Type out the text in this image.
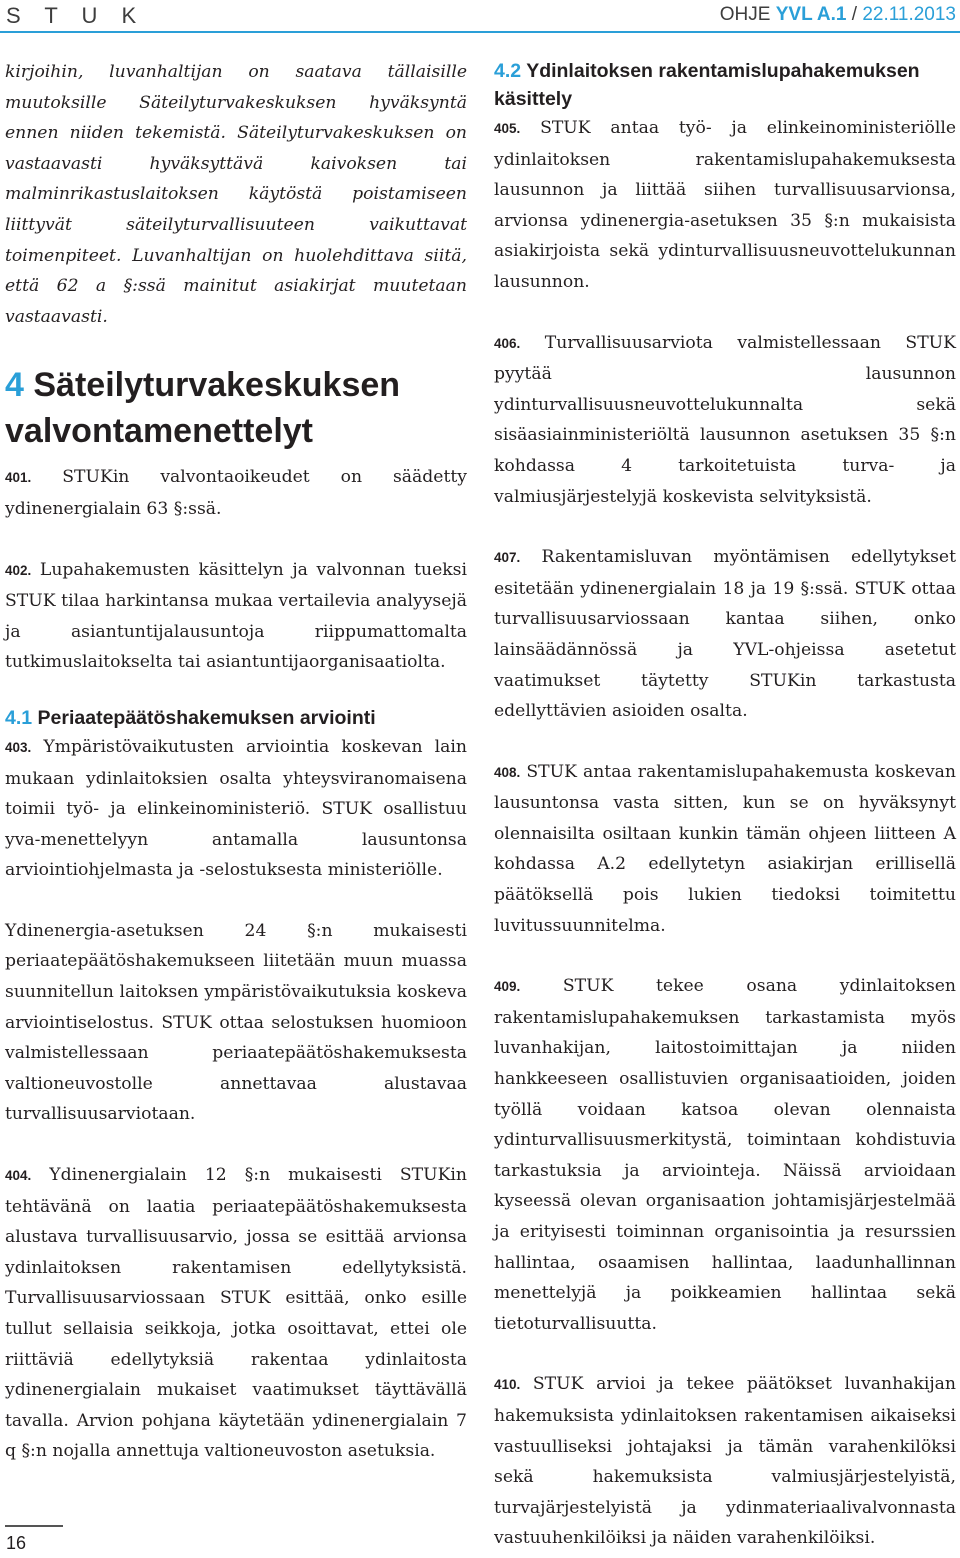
S T U K	OHJE YVL A.1 / 22.11.2013

kirjoihin, luvanhaltijan on saatava tällaisille muutoksille Säteilyturvakeskuksen hyväksyntä ennen niiden tekemistä. Säteilyturvakeskuksen on vastaavasti hyväksyttävä kaivoksen tai malminrikastuslaitoksen käytöstä poistamiseen liittyvät säteilyturvallisuuteen vaikuttavat toimenpiteet. Luvanhaltijan on huolehdittava siitä, että 62 a §:ssä mainitut asiakirjat muutetaan vastaavasti.

4 Säteilyturvakeskuksen valvontamenettelyt

401. STUKin valvontaoikeudet on säädetty ydinenergialain 63 §:ssä.

402. Lupahakemusten käsittelyn ja valvonnan tueksi STUK tilaa harkintansa mukaa vertailevia analyysejä ja asiantuntijalausuntoja riippumattomalta tutkimuslaitokselta tai asiantuntijaorganisaatiolta.

4.1 Periaatepäätöshakemuksen arviointi

403. Ympäristövaikutusten arviointia koskevan lain mukaan ydinlaitoksien osalta yhteysviranomaisena toimii työ- ja elinkeinoministeriö. STUK osallistuu yva-menettelyyn antamalla lausuntonsa arviointiohjelmasta ja -selostuksesta ministeriölle.

Ydinenergia-asetuksen 24 §:n mukaisesti periaatepäätöshakemukseen liitetään muun muassa suunnitellun laitoksen ympäristövaikutuksia koskeva arviointiselostus. STUK ottaa selostuksen huomioon valmistellessaan periaatepäätöshakemuksesta valtioneuvostolle annettavaa alustavaa turvallisuusarviotaan.

404. Ydinenergialain 12 §:n mukaisesti STUKin tehtävänä on laatia periaatepäätöshakemuksesta alustava turvallisuusarvio, jossa se esittää arvionsa ydinlaitoksen rakentamisen edellytyksistä. Turvallisuusarviossaan STUK esittää, onko esille tullut sellaisia seikkoja, jotka osoittavat, ettei ole riittäviä edellytyksiä rakentaa ydinlaitosta ydinenergialain mukaiset vaatimukset täyttävällä tavalla. Arvion pohjana käytetään ydinenergialain 7 q §:n nojalla annettuja valtioneuvoston asetuksia.

4.2 Ydinlaitoksen rakentamislupahakemuksen käsittely

405. STUK antaa työ- ja elinkeinoministeriölle ydinlaitoksen rakentamislupahakemuksesta lausunnon ja liittää siihen turvallisuusarvionsa, arvionsa ydinenergia-asetuksen 35 §:n mukaisista asiakirjoista sekä ydinturvallisuusneuvottelukunnan lausunnon.

406. Turvallisuusarviota valmistellessaan STUK pyytää lausunnon ydinturvallisuusneuvottelukunnalta sekä sisäasiainministeriöltä lausunnon asetuksen 35 §:n kohdassa 4 tarkoitetuista turva- ja valmiusjärjestelyjä koskevista selvityksistä.

407. Rakentamisluvan myöntämisen edellytykset esitetään ydinenergialain 18 ja 19 §:ssä. STUK ottaa turvallisuusarviossaan kantaa siihen, onko lainsäädännössä ja YVL-ohjeissa asetetut vaatimukset täytetty STUKin tarkastusta edellyttävien asioiden osalta.

408. STUK antaa rakentamislupahakemusta koskevan lausuntonsa vasta sitten, kun se on hyväksynyt olennaisilta osiltaan kunkin tämän ohjeen liitteen A kohdassa A.2 edellytetyn asiakirjan erillisellä päätöksellä pois lukien tiedoksi toimitettu luvitussuunnitelma.

409. STUK tekee osana ydinlaitoksen rakentamislupahakemuksen tarkastamista myös luvanhakijan, laitostoimittajan ja niiden hankkeeseen osallistuvien organisaatioiden, joiden työllä voidaan katsoa olevan olennaista ydinturvallisuusmerkitystä, toimintaan kohdistuvia tarkastuksia ja arviointeja. Näissä arvioidaan kyseessä olevan organisaation johtamisjärjestelmää ja erityisesti toiminnan organisointia ja resurssien hallintaa, osaamisen hallintaa, laadunhallinnan menettelyjä ja poikkeamien hallintaa sekä tietoturvallisuutta.

410. STUK arvioi ja tekee päätökset luvanhakijan hakemuksista ydinlaitoksen rakentamisen aikaiseksi vastuulliseksi johtajaksi ja tämän varahenkilöksi sekä hakemuksista valmiusjärjestelyistä, turvajärjestelyistä ja ydinmateriaalivalvonnasta vastuuhenkilöiksi ja näiden varahenkilöiksi.

16
